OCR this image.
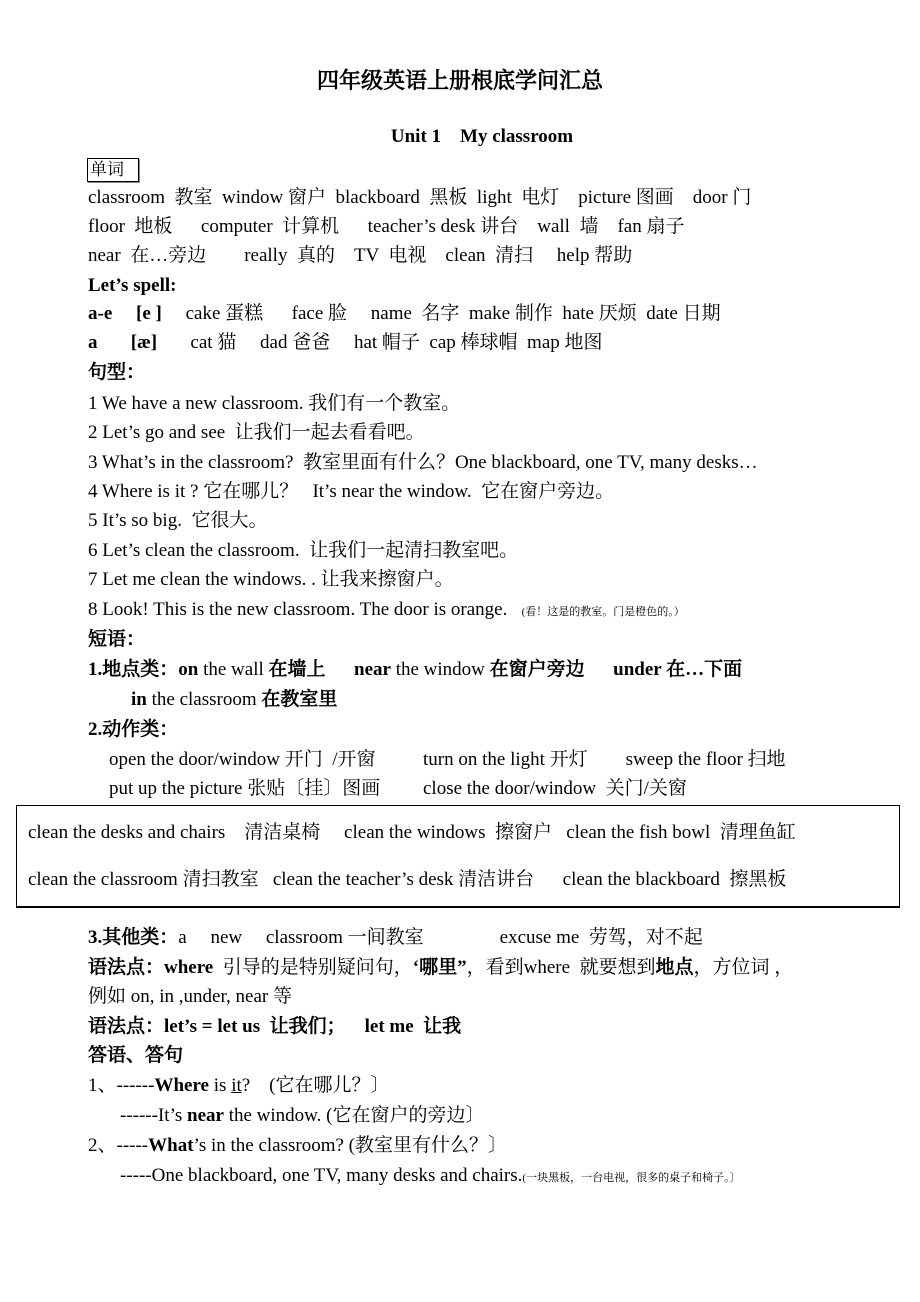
四年级英语上册根底学问汇总
Unit 1    My classroom
单词
classroom  教室  window 窗户  blackboard  黑板  light  电灯    picture 图画    door 门
floor  地板      computer  计算机      teacher’s desk 讲台    wall  墙    fan 扇子
near  在…旁边        really  真的    TV  电视    clean  清扫     help 帮助
Let’s spell:
a-e     [e ]     cake 蛋糕      face 脸     name  名字  make 制作  hate 厌烦  date 日期
a       [æ]       cat 猫     dad 爸爸     hat 帽子  cap 棒球帽  map 地图
句型：
1 We have a new classroom. 我们有一个教室。
2 Let’s go and see  让我们一起去看看吧。
3 What’s in the classroom?  教室里面有什么？One blackboard, one TV, many desks…
4 Where is it ? 它在哪儿？   It’s near the window.  它在窗户旁边。
5 It’s so big.  它很大。
6 Let’s clean the classroom.  让我们一起清扫教室吧。
7 Let me clean the windows. . 让我来擦窗户。
8 Look! This is the new classroom. The door is orange.   (看！这是的教室。门是橙色的。）
短语：
1.地点类：on the wall 在墙上 near the window 在窗户旁边 under 在…下面
in the classroom 在教室里
2.动作类：
open the door/window 开门  /开窗          turn on the light 开灯        sweep the floor 扫地
put up the picture 张贴〔挂〕图画         close the door/window  关门/关窗
clean the desks and chairs    清洁桌椅     clean the windows  擦窗户   clean the fish bowl  清理鱼缸
clean the classroom 清扫教室   clean the teacher’s desk 清洁讲台      clean the blackboard  擦黑板
3.其他类：a     new     classroom 一间教室                excuse me  劳驾，对不起
语法点：where  引导的是特别疑问句，‘哪里”，看到where  就要想到地点，方位词 ，
例如 on, in ,under, near 等
语法点：let’s = let us  让我们；    let me  让我
答语、答句
1、------Where is it?    (它在哪儿？〕
------It’s near the window. (它在窗户的旁边〕
2、-----What’s in the classroom? (教室里有什么？〕
-----One blackboard, one TV, many desks and chairs.(一块黑板，一台电视，很多的桌子和椅子。〕
